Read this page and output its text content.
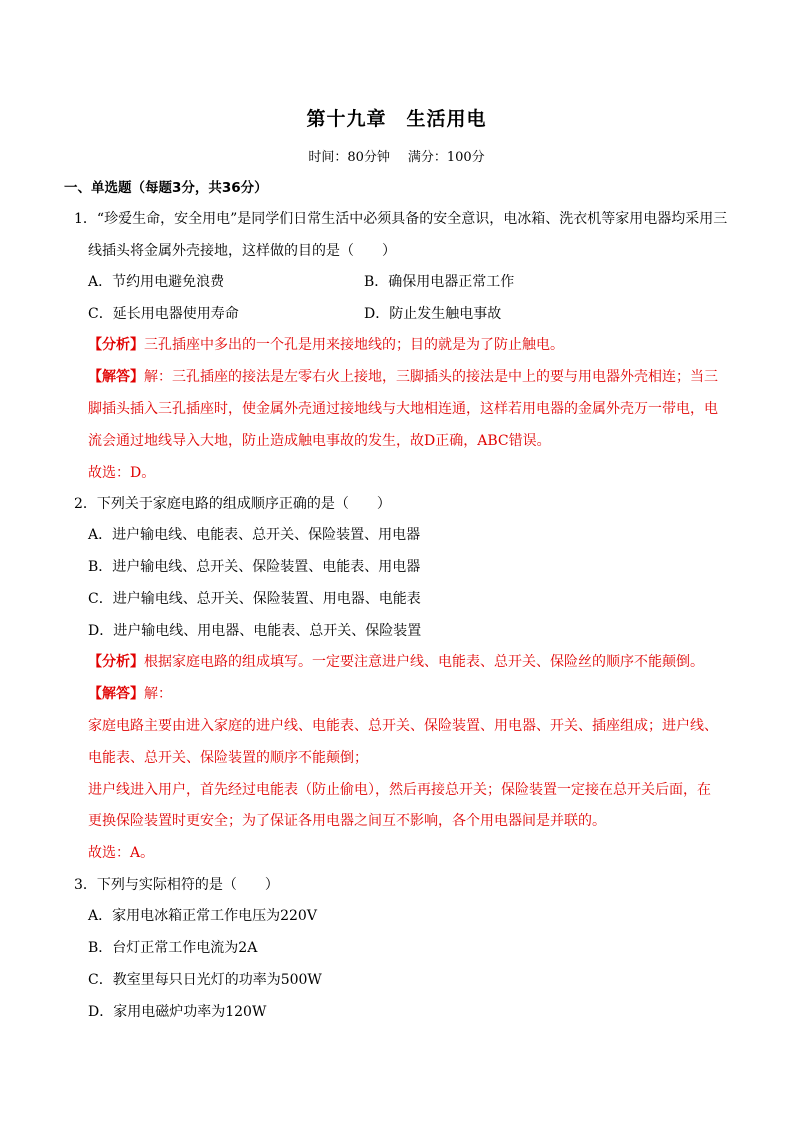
第十九章　生活用电
时间：80分钟 满分：100分
一、单选题（每题3分，共36分）
1．“珍爱生命，安全用电”是同学们日常生活中必须具备的安全意识，电冰箱、洗衣机等家用电器均采用三
线插头将金属外壳接地，这样做的目的是（　　）
A．节约用电避免浪费	B．确保用电器正常工作
C．延长用电器使用寿命	D．防止发生触电事故
【分析】三孔插座中多出的一个孔是用来接地线的；目的就是为了防止触电。
【解答】解：三孔插座的接法是左零右火上接地，三脚插头的接法是中上的要与用电器外壳相连；当三
脚插头插入三孔插座时，使金属外壳通过接地线与大地相连通，这样若用电器的金属外壳万一带电，电
流会通过地线导入大地，防止造成触电事故的发生，故D正确，ABC错误。
故选：D。
2．下列关于家庭电路的组成顺序正确的是（　　）
A．进户输电线、电能表、总开关、保险装置、用电器
B．进户输电线、总开关、保险装置、电能表、用电器
C．进户输电线、总开关、保险装置、用电器、电能表
D．进户输电线、用电器、电能表、总开关、保险装置
【分析】根据家庭电路的组成填写。一定要注意进户线、电能表、总开关、保险丝的顺序不能颠倒。
【解答】解：
家庭电路主要由进入家庭的进户线、电能表、总开关、保险装置、用电器、开关、插座组成；进户线、
电能表、总开关、保险装置的顺序不能颠倒；
进户线进入用户，首先经过电能表（防止偷电），然后再接总开关；保险装置一定接在总开关后面，在
更换保险装置时更安全；为了保证各用电器之间互不影响，各个用电器间是并联的。
故选：A。
3．下列与实际相符的是（　　）
A．家用电冰箱正常工作电压为220V
B．台灯正常工作电流为2A
C．教室里每只日光灯的功率为500W
D．家用电磁炉功率为120W
